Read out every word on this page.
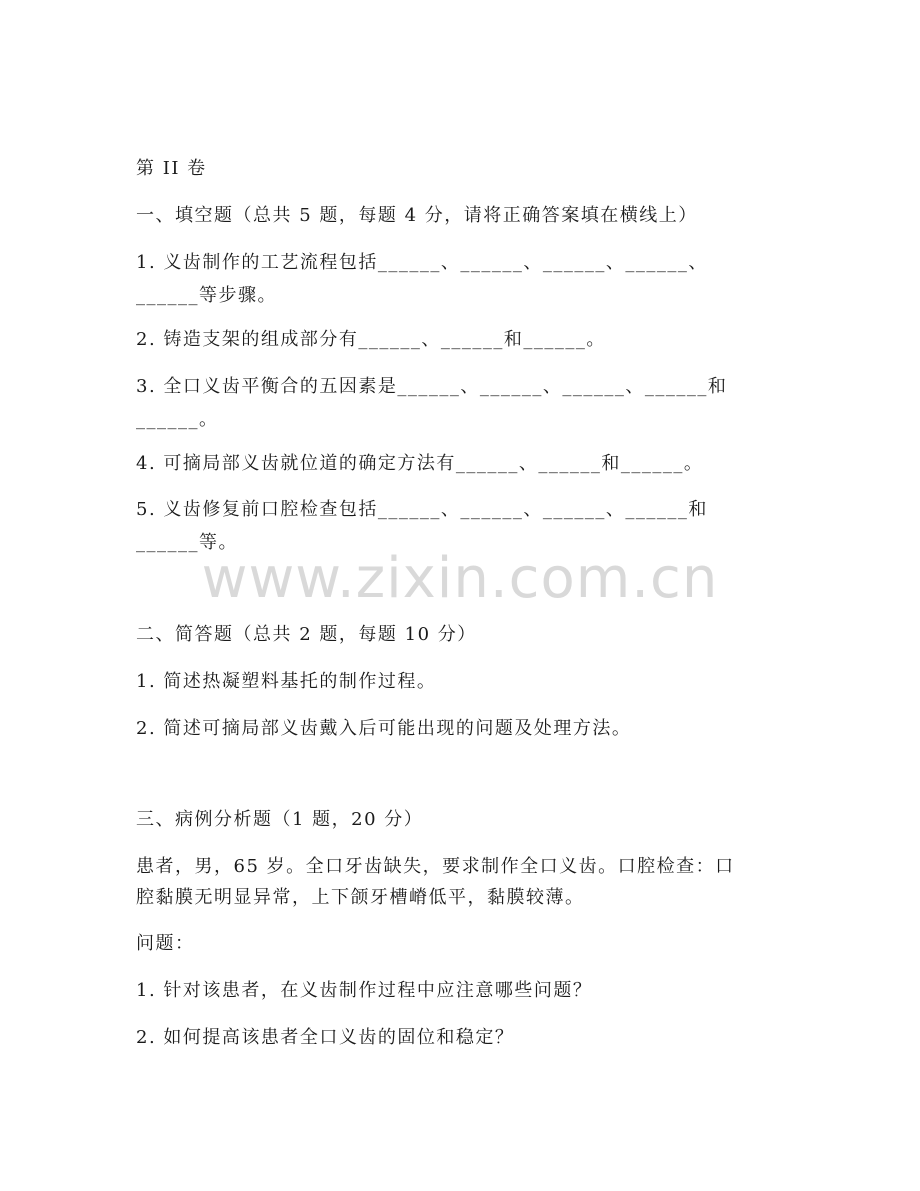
第 II 卷
一、填空题（总共 5 题，每题 4 分，请将正确答案填在横线上）
1. 义齿制作的工艺流程包括______、______、______、______、
______等步骤。
2. 铸造支架的组成部分有______、______和______。
3. 全口义齿平衡合的五因素是______、______、______、______和
______。
4. 可摘局部义齿就位道的确定方法有______、______和______。
5. 义齿修复前口腔检查包括______、______、______、______和
______等。
www.zixin.com.cn
二、简答题（总共 2 题，每题 10 分）
1. 简述热凝塑料基托的制作过程。
2. 简述可摘局部义齿戴入后可能出现的问题及处理方法。
三、病例分析题（1 题，20 分）
患者，男，65 岁。全口牙齿缺失，要求制作全口义齿。口腔检查：口
腔黏膜无明显异常，上下颌牙槽嵴低平，黏膜较薄。
问题：
1. 针对该患者，在义齿制作过程中应注意哪些问题？
2. 如何提高该患者全口义齿的固位和稳定？
